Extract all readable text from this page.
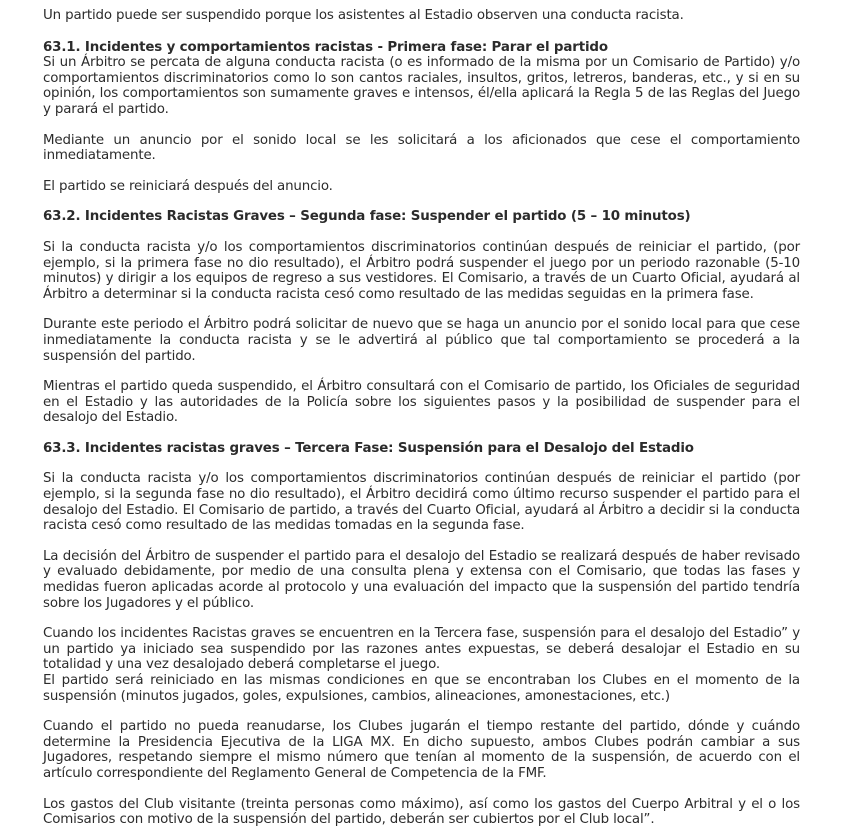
Un partido puede ser suspendido porque los asistentes al Estadio observen una conducta racista.

63.1. Incidentes y comportamientos racistas - Primera fase: Parar el partido

Si un Árbitro se percata de alguna conducta racista (o es informado de la misma por un Comisario de Partido) y/o comportamientos discriminatorios como lo son cantos raciales, insultos, gritos, letreros, banderas, etc., y si en su opinión, los comportamientos son sumamente graves e intensos, él/ella aplicará la Regla 5 de las Reglas del Juego y parará el partido.

Mediante un anuncio por el sonido local se les solicitará a los aficionados que cese el comportamiento inmediatamente.

El partido se reiniciará después del anuncio.

63.2. Incidentes Racistas Graves – Segunda fase: Suspender el partido (5 – 10 minutos)

Si la conducta racista y/o los comportamientos discriminatorios continúan después de reiniciar el partido, (por ejemplo, si la primera fase no dio resultado), el Árbitro podrá suspender el juego por un periodo razonable (5-10 minutos) y dirigir a los equipos de regreso a sus vestidores. El Comisario, a través de un Cuarto Oficial, ayudará al Árbitro a determinar si la conducta racista cesó como resultado de las medidas seguidas en la primera fase.

Durante este periodo el Árbitro podrá solicitar de nuevo que se haga un anuncio por el sonido local para que cese inmediatamente la conducta racista y se le advertirá al público que tal comportamiento se procederá a la suspensión del partido.

Mientras el partido queda suspendido, el Árbitro consultará con el Comisario de partido, los Oficiales de seguridad en el Estadio y las autoridades de la Policía sobre los siguientes pasos y la posibilidad de suspender para el desalojo del Estadio.

63.3. Incidentes racistas graves – Tercera Fase: Suspensión para el Desalojo del Estadio

Si la conducta racista y/o los comportamientos discriminatorios continúan después de reiniciar el partido (por ejemplo, si la segunda fase no dio resultado), el Árbitro decidirá como último recurso suspender el partido para el desalojo del Estadio. El Comisario de partido, a través del Cuarto Oficial, ayudará al Árbitro a decidir si la conducta racista cesó como resultado de las medidas tomadas en la segunda fase.

La decisión del Árbitro de suspender el partido para el desalojo del Estadio se realizará después de haber revisado y evaluado debidamente, por medio de una consulta plena y extensa con el Comisario, que todas las fases y medidas fueron aplicadas acorde al protocolo y una evaluación del impacto que la suspensión del partido tendría sobre los Jugadores y el público.

Cuando los incidentes Racistas graves se encuentren en la Tercera fase, suspensión para el desalojo del Estadio” y un partido ya iniciado sea suspendido por las razones antes expuestas, se deberá desalojar el Estadio en su totalidad y una vez desalojado deberá completarse el juego.

El partido será reiniciado en las mismas condiciones en que se encontraban los Clubes en el momento de la suspensión (minutos jugados, goles, expulsiones, cambios, alineaciones, amonestaciones, etc.)

Cuando el partido no pueda reanudarse, los Clubes jugarán el tiempo restante del partido, dónde y cuándo determine la Presidencia Ejecutiva de la LIGA MX. En dicho supuesto, ambos Clubes podrán cambiar a sus Jugadores, respetando siempre el mismo número que tenían al momento de la suspensión, de acuerdo con el artículo correspondiente del Reglamento General de Competencia de la FMF.

Los gastos del Club visitante (treinta personas como máximo), así como los gastos del Cuerpo Arbitral y el o los Comisarios con motivo de la suspensión del partido, deberán ser cubiertos por el Club local”.
